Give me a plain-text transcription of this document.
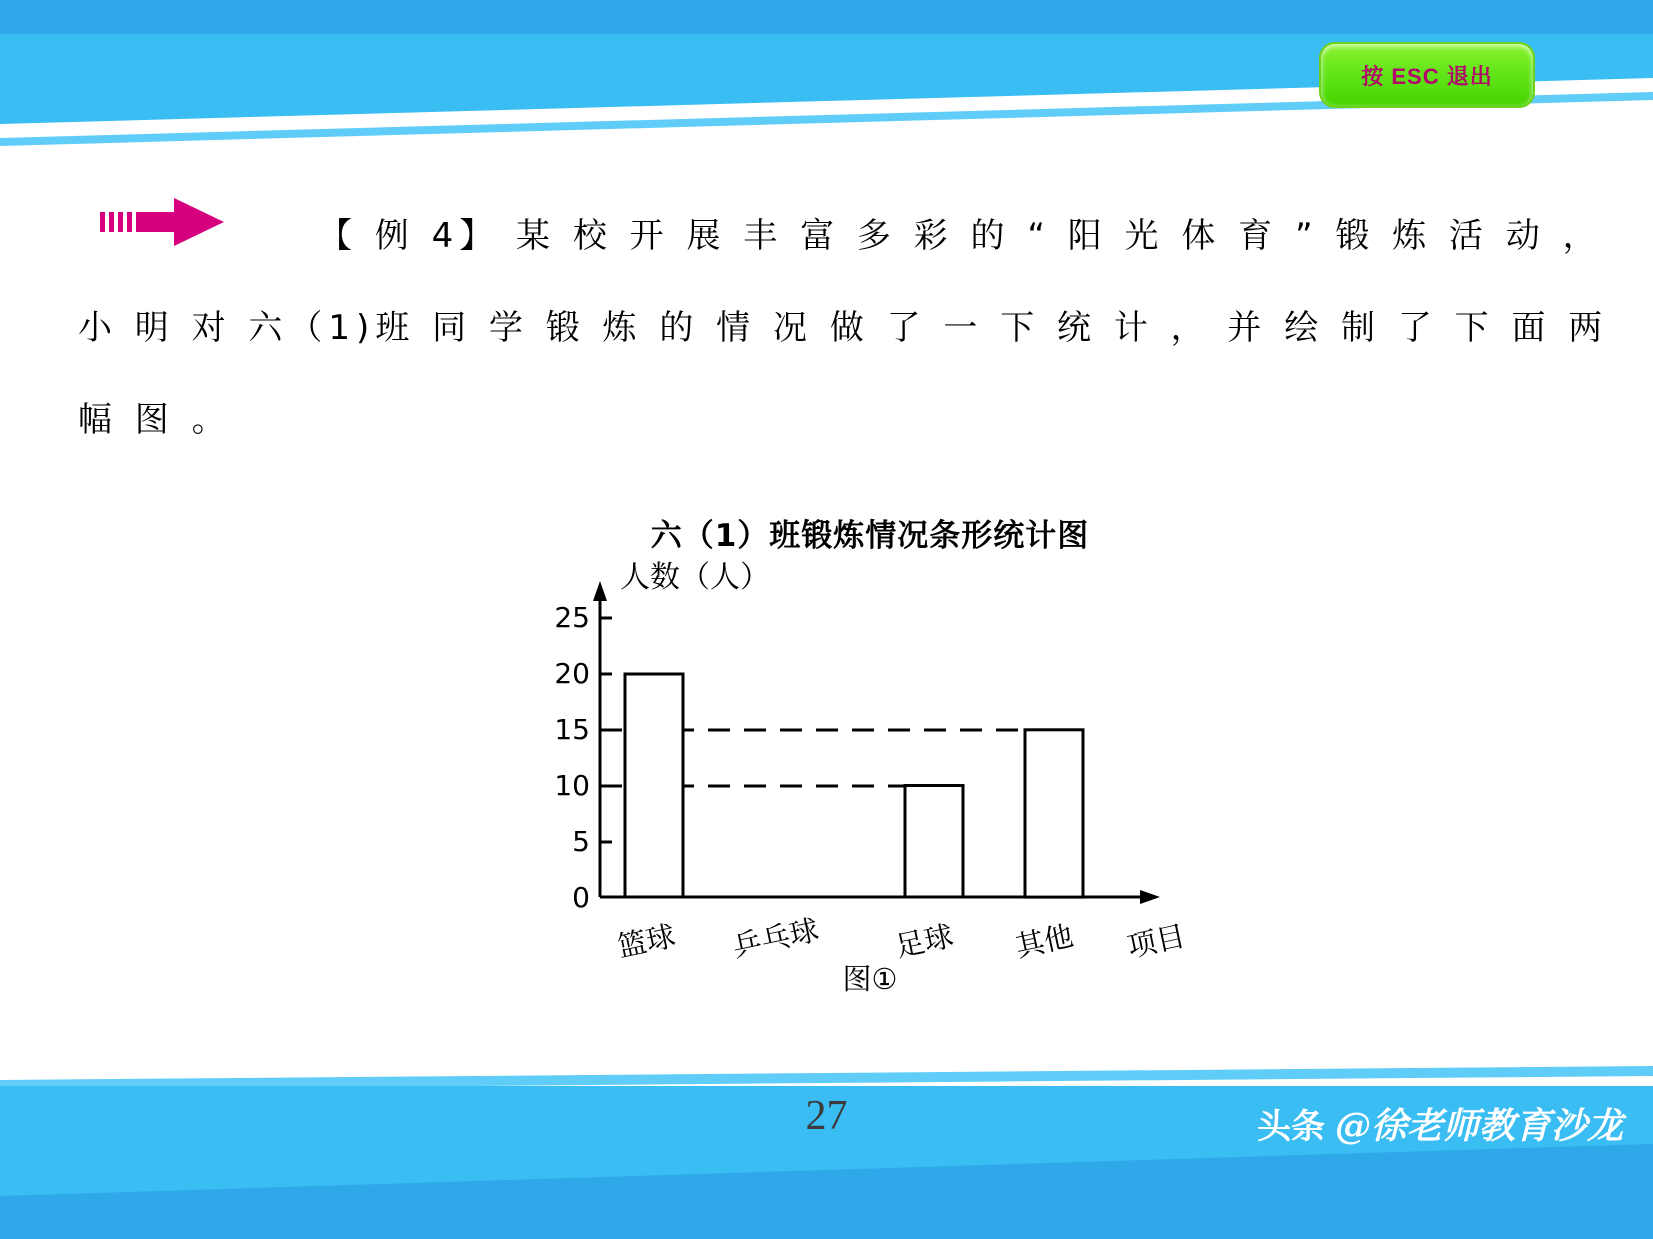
按 ESC 退出
【 例 4】 某 校 开 展 丰 富 多 彩 的 “ 阳 光 体 育 ” 锻 炼 活 动 ，
小 明 对 六（1)班 同 学 锻 炼 的 情 况 做 了 一 下 统 计 ， 并 绘 制 了 下 面 两
幅 图 。
六（1）班锻炼情况条形统计图
0
5
10
15
20
25
篮球 乒乓球 足球 其他 项目
人数（人）
图①
27	头条 @徐老师教育沙龙
